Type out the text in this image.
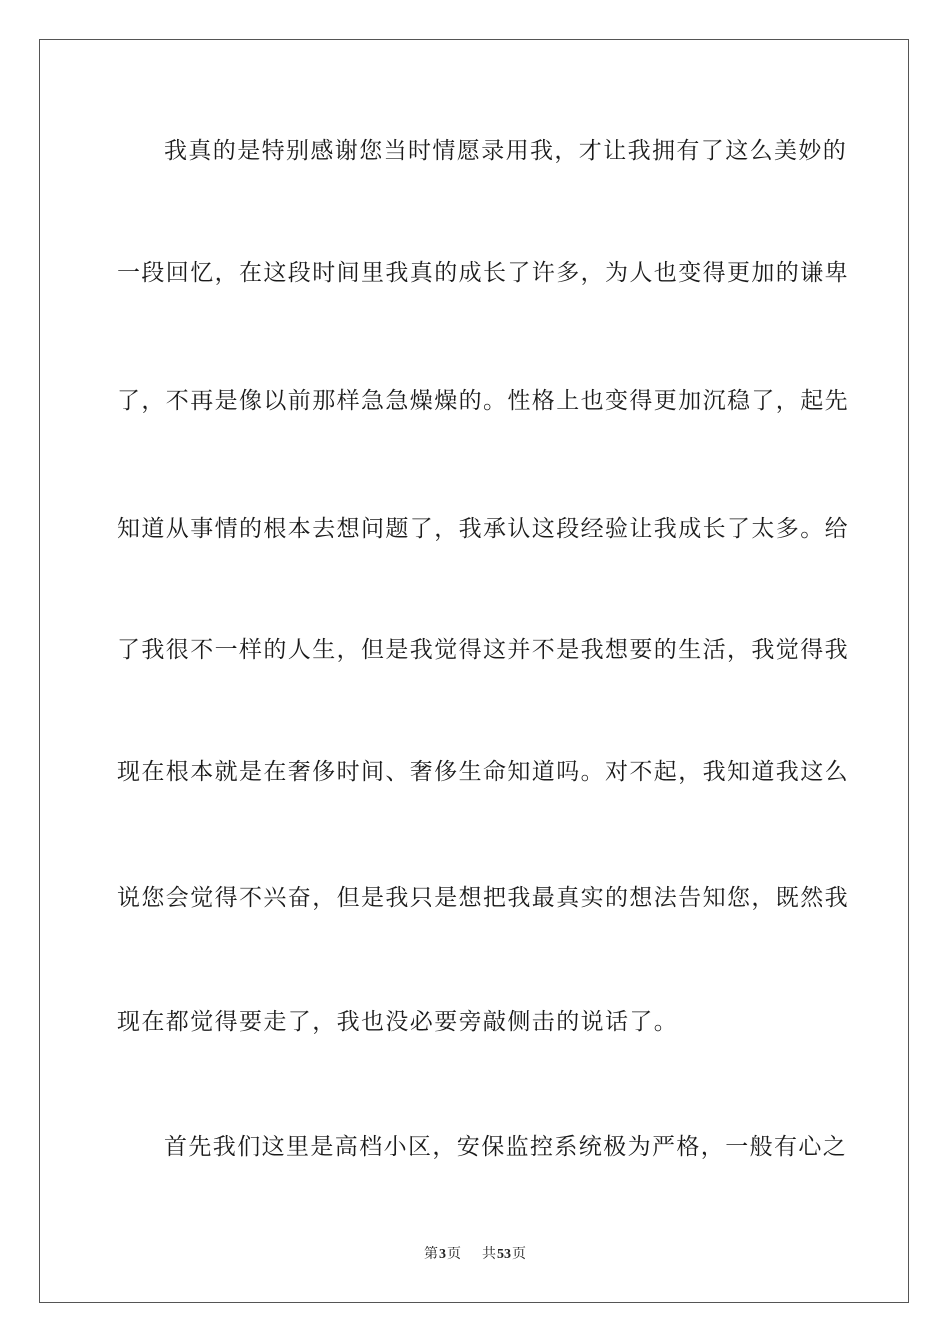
我真的是特别感谢您当时情愿录用我，才让我拥有了这么美妙的
一段回忆，在这段时间里我真的成长了许多，为人也变得更加的谦卑
了，不再是像以前那样急急燥燥的。性格上也变得更加沉稳了，起先
知道从事情的根本去想问题了，我承认这段经验让我成长了太多。给
了我很不一样的人生，但是我觉得这并不是我想要的生活，我觉得我
现在根本就是在奢侈时间、奢侈生命知道吗。对不起，我知道我这么
说您会觉得不兴奋，但是我只是想把我最真实的想法告知您，既然我
现在都觉得要走了，我也没必要旁敲侧击的说话了。
首先我们这里是高档小区，安保监控系统极为严格，一般有心之
第3页 共53页
